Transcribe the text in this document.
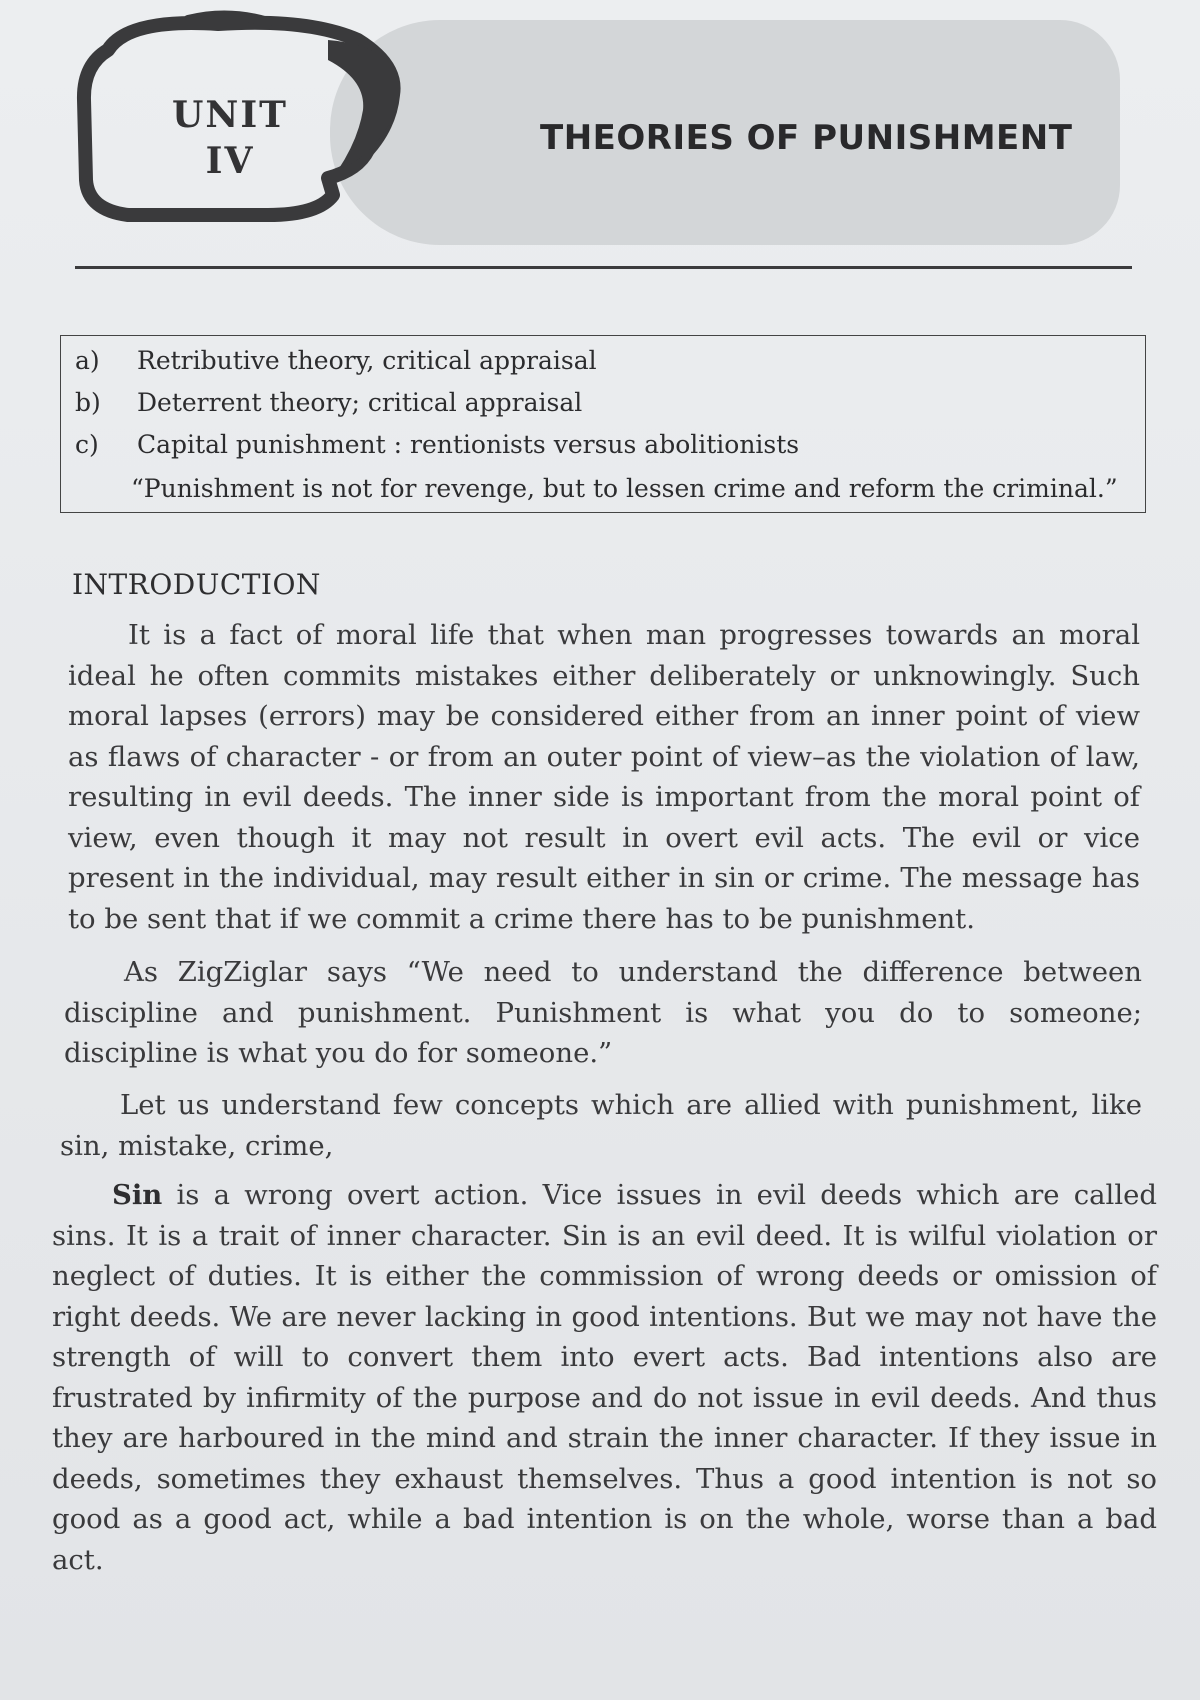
UNIT
IV
THEORIES OF PUNISHMENT
a) Retributive theory, critical appraisal
b) Deterrent theory; critical appraisal
c) Capital punishment : rentionists versus abolitionists
“Punishment is not for revenge, but to lessen crime and reform the criminal.”
INTRODUCTION
It is a fact of moral life that when man progresses towards an moral ideal he often commits mistakes either deliberately or unknowingly. Such moral lapses (errors) may be considered either from an inner point of view as flaws of character - or from an outer point of view–as the violation of law, resulting in evil deeds. The inner side is important from the moral point of view, even though it may not result in overt evil acts. The evil or vice present in the individual, may result either in sin or crime. The message has to be sent that if we commit a crime there has to be punishment.
As ZigZiglar says “We need to understand the difference between discipline and punishment. Punishment is what you do to someone; discipline is what you do for someone.”
Let us understand few concepts which are allied with punishment, like sin, mistake, crime,
Sin is a wrong overt action. Vice issues in evil deeds which are called sins. It is a trait of inner character. Sin is an evil deed. It is wilful violation or neglect of duties. It is either the commission of wrong deeds or omission of right deeds. We are never lacking in good intentions. But we may not have the strength of will to convert them into evert acts. Bad intentions also are frustrated by infirmity of the purpose and do not issue in evil deeds. And thus they are harboured in the mind and strain the inner character. If they issue in deeds, sometimes they exhaust themselves. Thus a good intention is not so good as a good act, while a bad intention is on the whole, worse than a bad act.
